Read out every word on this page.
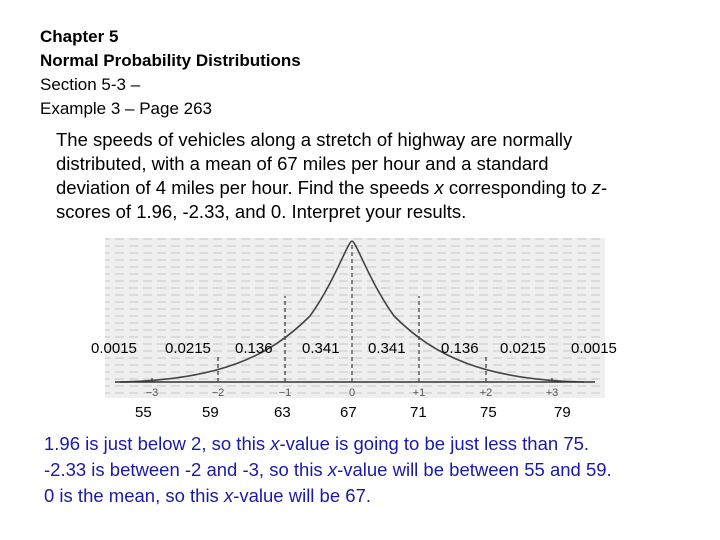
Chapter 5
Normal Probability Distributions
Section 5-3 –
Example 3 – Page 263
The speeds of vehicles along a stretch of highway are normally
distributed, with a mean of 67 miles per hour and a standard
deviation of 4 miles per hour. Find the speeds x corresponding to z-
scores of 1.96, -2.33, and 0. Interpret your results.
−3	−2	−1	0	+1	+2	+3
0.0015 0.0215 0.136 0.341 0.341 0.136 0.0215 0.0015
55	59	63	67	71	75	79
1.96 is just below 2, so this x-value is going to be just less than 75.
-2.33 is between -2 and -3, so this x-value will be between 55 and 59.
0 is the mean, so this x-value will be 67.
